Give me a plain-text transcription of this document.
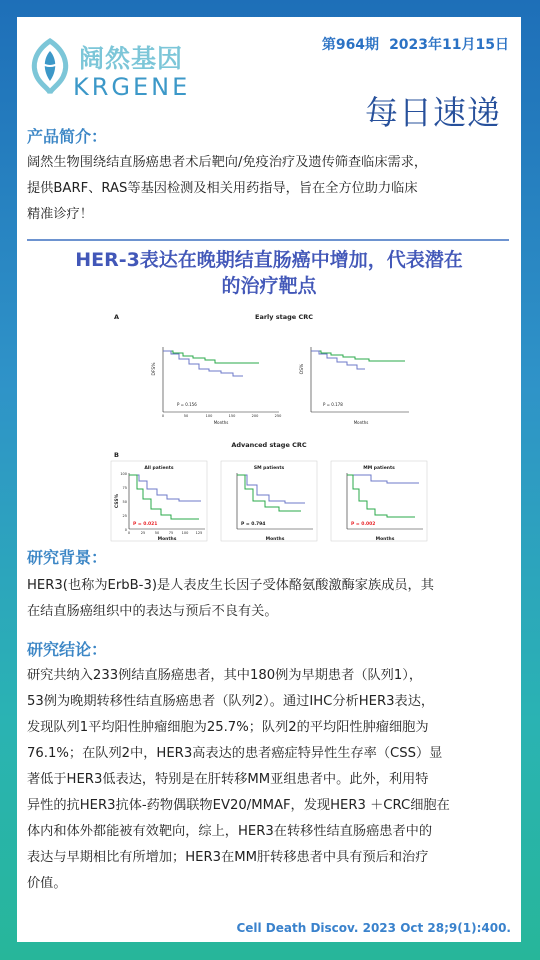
阔然基因
KRGENE
第964期 2023年11月15日
每日速递
产品简介：
阔然生物围绕结直肠癌患者术后靶向/免疫治疗及遗传筛查临床需求，
提供BARF、RAS等基因检测及相关用药指导，旨在全方位助力临床
精准诊疗！
HER-3表达在晚期结直肠癌中增加，代表潜在
的治疗靶点
A	Early stage CRC
DFS%
P = 0.156
Months
0	50	100	150	200	250
OS%
P = 0.178
Months
B
Advanced stage CRC
All patients
CSS%
P = 0.021
Months
100
75
50
25
0
0	25	50	75 100 125
SM patients
P = 0.794
Months
MM patients
P = 0.002
Months
研究背景：
HER3(也称为ErbB-3)是人表皮生长因子受体酪氨酸激酶家族成员，其
在结直肠癌组织中的表达与预后不良有关。
研究结论：
研究共纳入233例结直肠癌患者，其中180例为早期患者（队列1），
53例为晚期转移性结直肠癌患者（队列2）。通过IHC分析HER3表达，
发现队列1平均阳性肿瘤细胞为25.7%；队列2的平均阳性肿瘤细胞为
76.1%；在队列2中，HER3高表达的患者癌症特异性生存率（CSS）显
著低于HER3低表达，特别是在肝转移MM亚组患者中。此外，利用特
异性的抗HER3抗体-药物偶联物EV20/MMAF，发现HER3 ＋CRC细胞在
体内和体外都能被有效靶向，综上，HER3在转移性结直肠癌患者中的
表达与早期相比有所增加；HER3在MM肝转移患者中具有预后和治疗
价值。
Cell Death Discov. 2023 Oct 28;9(1):400.
